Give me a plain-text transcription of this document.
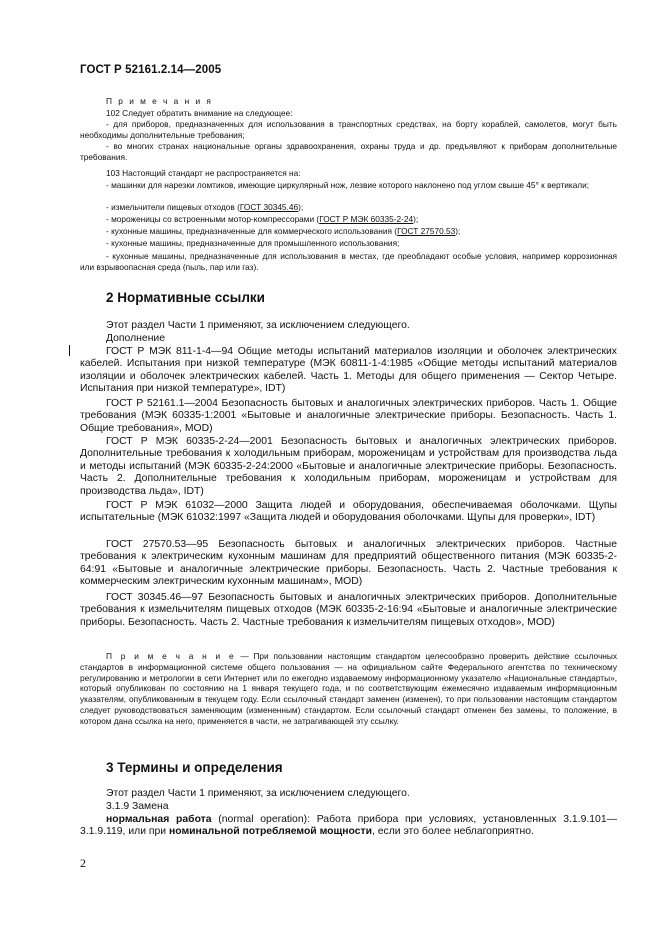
ГОСТ Р 52161.2.14—2005

П р и м е ч а н и я

102 Следует обратить внимание на следующее:

- для приборов, предназначенных для использования в транспортных средствах, на борту кораблей, самолетов, могут быть необходимы дополнительные требования;

- во многих странах национальные органы здравоохранения, охраны труда и др. предъявляют к приборам дополнительные требования.

103 Настоящий стандарт не распространяется на:

- машинки для нарезки ломтиков, имеющие циркулярный нож, лезвие которого наклонено под углом свыше 45° к вертикали;

- измельчители пищевых отходов (ГОСТ 30345.46);

- мороженицы со встроенными мотор-компрессорами (ГОСТ Р МЭК 60335-2-24);

- кухонные машины, предназначенные для коммерческого использования (ГОСТ 27570.53);

- кухонные машины, предназначенные для промышленного использования;

- кухонные машины, предназначенные для использования в местах, где преобладают особые условия, например коррозионная или взрывоопасная среда (пыль, пар или газ).

2 Нормативные ссылки

Этот раздел Части 1 применяют, за исключением следующего.

Дополнение

ГОСТ Р МЭК 811-1-4—94 Общие методы испытаний материалов изоляции и оболочек электрических кабелей. Испытания при низкой температуре (МЭК 60811-1-4:1985 «Общие методы испытаний материалов изоляции и оболочек электрических кабелей. Часть 1. Методы для общего применения — Сектор Четыре. Испытания при низкой температуре», IDT)

ГОСТ Р 52161.1—2004 Безопасность бытовых и аналогичных электрических приборов. Часть 1. Общие требования (МЭК 60335-1:2001 «Бытовые и аналогичные электрические приборы. Безопасность. Часть 1. Общие требования», MOD)

ГОСТ Р МЭК 60335-2-24—2001 Безопасность бытовых и аналогичных электрических приборов. Дополнительные требования к холодильным приборам, мороженицам и устройствам для производства льда и методы испытаний (МЭК 60335-2-24:2000 «Бытовые и аналогичные электрические приборы. Безопасность. Часть 2. Дополнительные требования к холодильным приборам, мороженицам и устройствам для производства льда», IDT)

ГОСТ Р МЭК 61032—2000 Защита людей и оборудования, обеспечиваемая оболочками. Щупы испытательные (МЭК 61032:1997 «Защита людей и оборудования оболочками. Щупы для проверки», IDT)

ГОСТ 27570.53—95 Безопасность бытовых и аналогичных электрических приборов. Частные требования к электрическим кухонным машинам для предприятий общественного питания (МЭК 60335-2-64:91 «Бытовые и аналогичные электрические приборы. Безопасность. Часть 2. Частные требования к коммерческим электрическим кухонным машинам», MOD)

ГОСТ 30345.46—97 Безопасность бытовых и аналогичных электрических приборов. Дополнительные требования к измельчителям пищевых отходов (МЭК 60335-2-16:94 «Бытовые и аналогичные электрические приборы. Безопасность. Часть 2. Частные требования к измельчителям пищевых отходов», MOD)

П р и м е ч а н и е — При пользовании настоящим стандартом целесообразно проверить действие ссылочных стандартов в информационной системе общего пользования — на официальном сайте Федерального агентства по техническому регулированию и метрологии в сети Интернет или по ежегодно издаваемому информационному указателю «Национальные стандарты», который опубликован по состоянию на 1 января текущего года, и по соответствующим ежемесячно издаваемым информационным указателям, опубликованным в текущем году. Если ссылочный стандарт заменен (изменен), то при пользовании настоящим стандартом следует руководствоваться заменяющим (измененным) стандартом. Если ссылочный стандарт отменен без замены, то положение, в котором дана ссылка на него, применяется в части, не затрагивающей эту ссылку.

3 Термины и определения

Этот раздел Части 1 применяют, за исключением следующего.

3.1.9 Замена

нормальная работа (normal operation): Работа прибора при условиях, установленных 3.1.9.101—3.1.9.119, или при номинальной потребляемой мощности, если это более неблагоприятно.

2
